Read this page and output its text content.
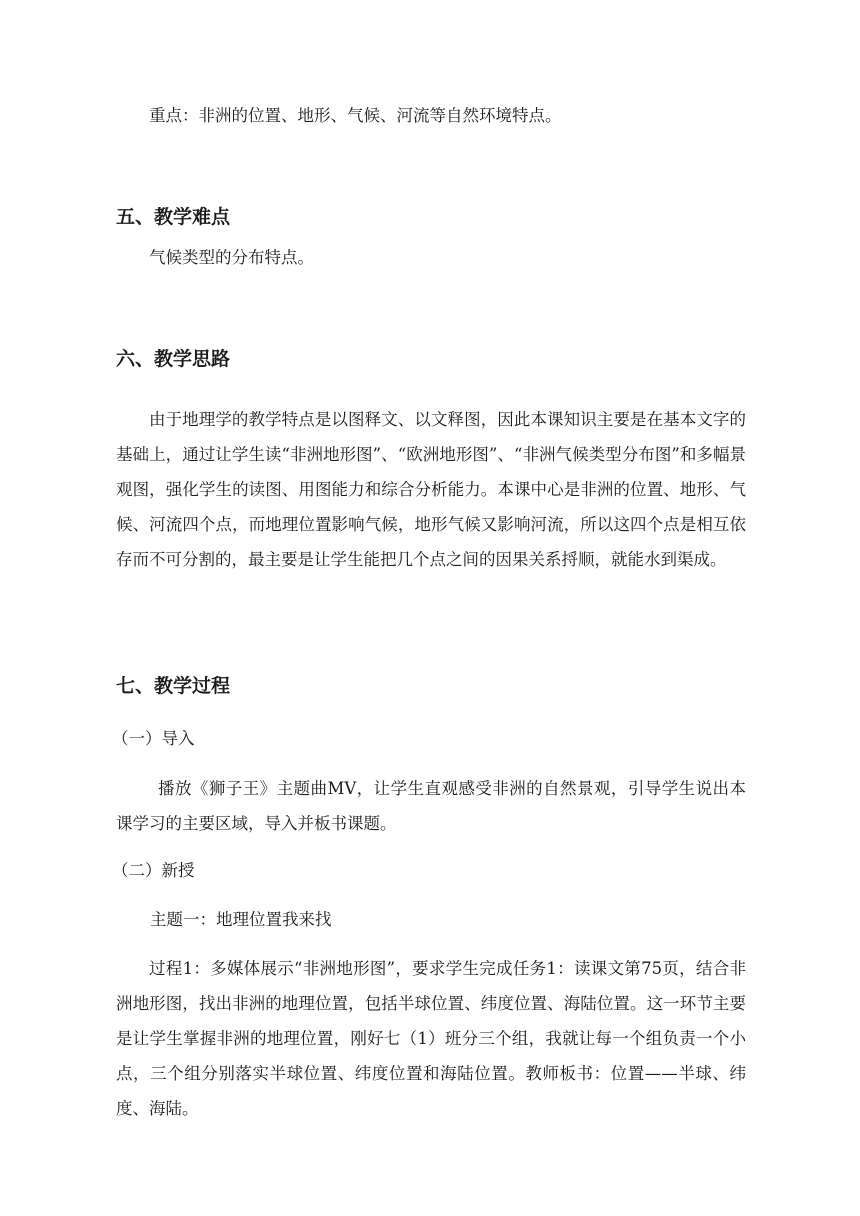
重点：非洲的位置、地形、气候、河流等自然环境特点。

五、教学难点

气候类型的分布特点。

六、教学思路

由于地理学的教学特点是以图释文、以文释图，因此本课知识主要是在基本文字的基础上，通过让学生读“非洲地形图”、“欧洲地形图”、“非洲气候类型分布图”和多幅景观图，强化学生的读图、用图能力和综合分析能力。本课中心是非洲的位置、地形、气候、河流四个点，而地理位置影响气候，地形气候又影响河流，所以这四个点是相互依存而不可分割的，最主要是让学生能把几个点之间的因果关系捋顺，就能水到渠成。

七、教学过程

（一）导入

播放《狮子王》主题曲MV，让学生直观感受非洲的自然景观，引导学生说出本课学习的主要区域，导入并板书课题。

（二）新授

主题一：地理位置我来找

过程1：多媒体展示“非洲地形图”，要求学生完成任务1：读课文第75页，结合非洲地形图，找出非洲的地理位置，包括半球位置、纬度位置、海陆位置。这一环节主要是让学生掌握非洲的地理位置，刚好七（1）班分三个组，我就让每一个组负责一个小点，三个组分别落实半球位置、纬度位置和海陆位置。教师板书：位置——半球、纬度、海陆。
